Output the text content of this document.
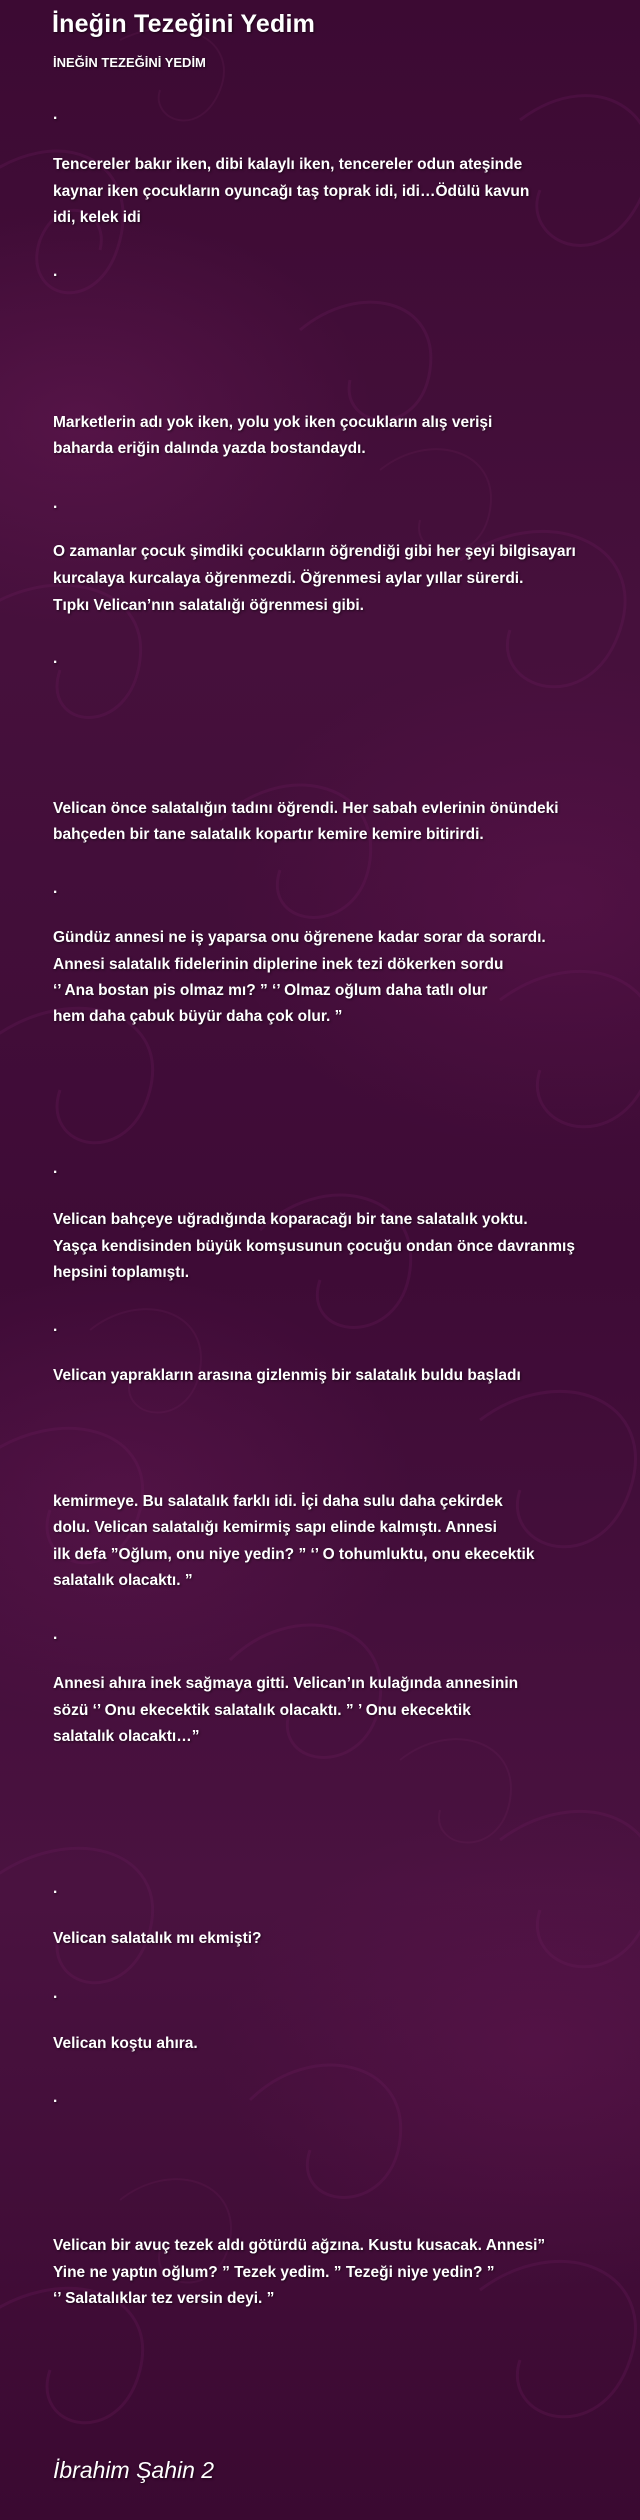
İneğin Tezeğini Yedim
İNEĞİN TEZEĞİNİ YEDİM
.
Tencereler bakır iken, dibi kalaylı iken, tencereler odun ateşinde
kaynar iken çocukların oyuncağı taş toprak idi, idi…Ödülü kavun
idi, kelek idi
.
Marketlerin adı yok iken, yolu yok iken çocukların alış verişi
baharda eriğin dalında yazda bostandaydı.
.
O zamanlar çocuk şimdiki çocukların öğrendiği gibi her şeyi bilgisayarı
kurcalaya kurcalaya öğrenmezdi. Öğrenmesi aylar yıllar sürerdi.
Tıpkı Velican’nın salatalığı öğrenmesi gibi.
.
Velican önce salatalığın tadını öğrendi. Her sabah evlerinin önündeki
bahçeden bir tane salatalık kopartır kemire kemire bitirirdi.
.
Gündüz annesi ne iş yaparsa onu öğrenene kadar sorar da sorardı.
Annesi salatalık fidelerinin diplerine inek tezi dökerken sordu
‘’ Ana bostan pis olmaz mı? ” ‘’ Olmaz oğlum daha tatlı olur
hem daha çabuk büyür daha çok olur. ”
.
Velican bahçeye uğradığında koparacağı bir tane salatalık yoktu.
Yaşça kendisinden büyük komşusunun çocuğu ondan önce davranmış
hepsini toplamıştı.
.
Velican yaprakların arasına gizlenmiş bir salatalık buldu başladı
kemirmeye. Bu salatalık farklı idi. İçi daha sulu daha çekirdek
dolu. Velican salatalığı kemirmiş sapı elinde kalmıştı. Annesi
ilk defa ”Oğlum, onu niye yedin? ” ‘’ O tohumluktu, onu ekecektik
salatalık olacaktı. ”
.
Annesi ahıra inek sağmaya gitti. Velican’ın kulağında annesinin
sözü ‘’ Onu ekecektik salatalık olacaktı. ” ’ Onu ekecektik
salatalık olacaktı…”
.
Velican salatalık mı ekmişti?
.
Velican koştu ahıra.
.
Velican bir avuç tezek aldı götürdü ağzına. Kustu kusacak. Annesi”
Yine ne yaptın oğlum? ” Tezek yedim. ” Tezeği niye yedin? ”
‘’ Salatalıklar tez versin deyi. ”
İbrahim Şahin 2
